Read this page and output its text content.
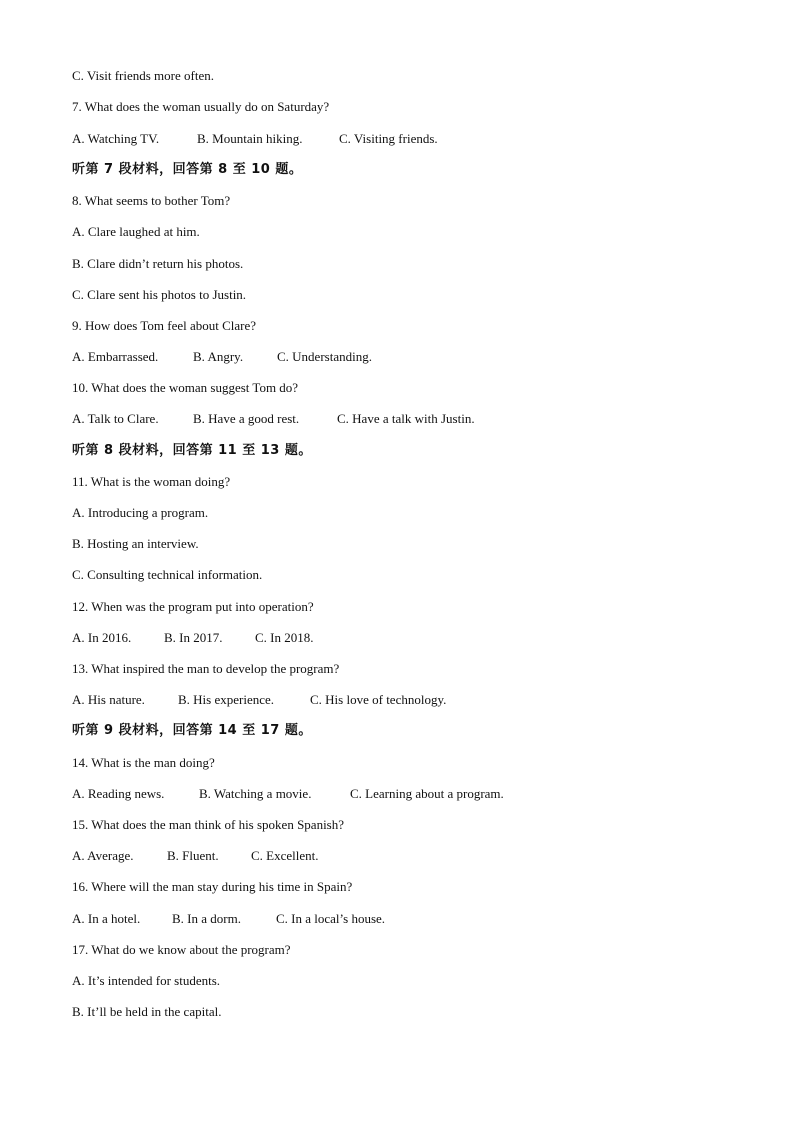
C. Visit friends more often.
7. What does the woman usually do on Saturday?
A. Watching TV.	B. Mountain hiking.	C. Visiting friends.
听第 7 段材料，回答第 8 至 10 题。
8. What seems to bother Tom?
A. Clare laughed at him.
B. Clare didn’t return his photos.
C. Clare sent his photos to Justin.
9. How does Tom feel about Clare?
A. Embarrassed.	B. Angry.	C. Understanding.
10. What does the woman suggest Tom do?
A. Talk to Clare.	B. Have a good rest.	C. Have a talk with Justin.
听第 8 段材料，回答第 11 至 13 题。
11. What is the woman doing?
A. Introducing a program.
B. Hosting an interview.
C. Consulting technical information.
12. When was the program put into operation?
A. In 2016.	B. In 2017.	C. In 2018.
13. What inspired the man to develop the program?
A. His nature.	B. His experience.	C. His love of technology.
听第 9 段材料，回答第 14 至 17 题。
14. What is the man doing?
A. Reading news.	B. Watching a movie.	C. Learning about a program.
15. What does the man think of his spoken Spanish?
A. Average.	B. Fluent. C. Excellent.
16. Where will the man stay during his time in Spain?
A. In a hotel. B. In a dorm.	C. In a local’s house.
17. What do we know about the program?
A. It’s intended for students.
B. It’ll be held in the capital.
